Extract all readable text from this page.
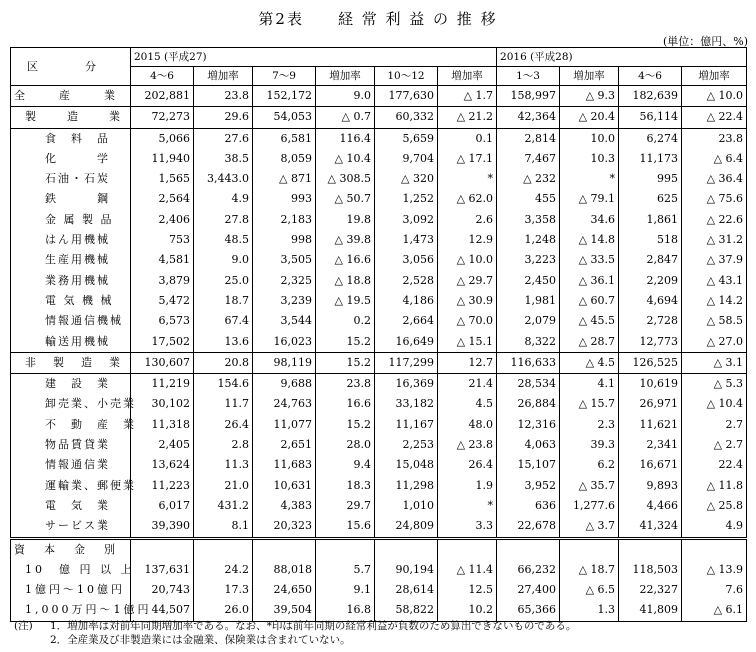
第2表　　経 常 利 益 の 推 移
(単位：億円、%)
区　分	2015 (平成27)						2016 (平成28)			
	4～6	増加率	7～9	増加率	10～12	増加率	1～3	増加率	4～6	増加率
全　　産　　業	202,881	23.8	152,172	9.0	177,630	△ 1.7	158,997	△ 9.3	182,639	△ 10.0
製　　造　　業	72,273	29.6	54,053	△ 0.7	60,332	△ 21.2	42,364	△ 20.4	56,114	△ 22.4
食　料　品	5,066	27.6	6,581	116.4	5,659	0.1	2,814	10.0	6,274	23.8
化　　　学	11,940	38.5	8,059	△ 10.4	9,704	△ 17.1	7,467	10.3	11,173	△ 6.4
石油・石炭	1,565	3,443.0	△ 871	△ 308.5	△ 320	*	△ 232	*	995	△ 36.4
鉄　　　鋼	2,564	4.9	993	△ 50.7	1,252	△ 62.0	455	△ 79.1	625	△ 75.6
金 属 製 品	2,406	27.8	2,183	19.8	3,092	2.6	3,358	34.6	1,861	△ 22.6
はん用機械	753	48.5	998	△ 39.8	1,473	12.9	1,248	△ 14.8	518	△ 31.2
生産用機械	4,581	9.0	3,505	△ 16.6	3,056	△ 10.0	3,223	△ 33.5	2,847	△ 37.9
業務用機械	3,879	25.0	2,325	△ 18.8	2,528	△ 29.7	2,450	△ 36.1	2,209	△ 43.1
電 気 機 械	5,472	18.7	3,239	△ 19.5	4,186	△ 30.9	1,981	△ 60.7	4,694	△ 14.2
情報通信機械	6,573	67.4	3,544	0.2	2,664	△ 70.0	2,079	△ 45.5	2,728	△ 58.5
輸送用機械	17,502	13.6	16,023	15.2	16,649	△ 15.1	8,322	△ 28.7	12,773	△ 27.0
非　製　造　業	130,607	20.8	98,119	15.2	117,299	12.7	116,633	△ 4.5	126,525	△ 3.1
建　設　業	11,219	154.6	9,688	23.8	16,369	21.4	28,534	4.1	10,619	△ 5.3
卸売業、小売業	30,102	11.7	24,763	16.6	33,182	4.5	26,884	△ 15.7	26,971	△ 10.4
不　動　産　業	11,318	26.4	11,077	15.2	11,167	48.0	12,316	2.3	11,621	2.7
物品賃貸業	2,405	2.8	2,651	28.0	2,253	△ 23.8	4,063	39.3	2,341	△ 2.7
情報通信業	13,624	11.3	11,683	9.4	15,048	26.4	15,107	6.2	16,671	22.4
運輸業、郵便業	11,223	21.0	10,631	18.3	11,298	1.9	3,952	△ 35.7	9,893	△ 11.8
電　気　業	6,017	431.2	4,383	29.7	1,010	*	636	1,277.6	4,466	△ 25.8
サービス業	39,390	8.1	20,323	15.6	24,809	3.3	22,678	△ 3.7	41,324	4.9
資　本　金　別										
10　億 円 以 上	137,631	24.2	88,018	5.7	90,194	△ 11.4	66,232	△ 18.7	118,503	△ 13.9
1億円～10億円	20,743	17.3	24,650	9.1	28,614	12.5	27,400	△ 6.5	22,327	7.6
1,000万円～1億円	44,507	26.0	39,504	16.8	58,822	10.2	65,366	1.3	41,809	△ 6.1
(注)	1．増加率は対前年同期増加率である。なお、*印は前年同期の経常利益が負数のため算出できないものである。
2．全産業及び非製造業には金融業、保険業は含まれていない。
